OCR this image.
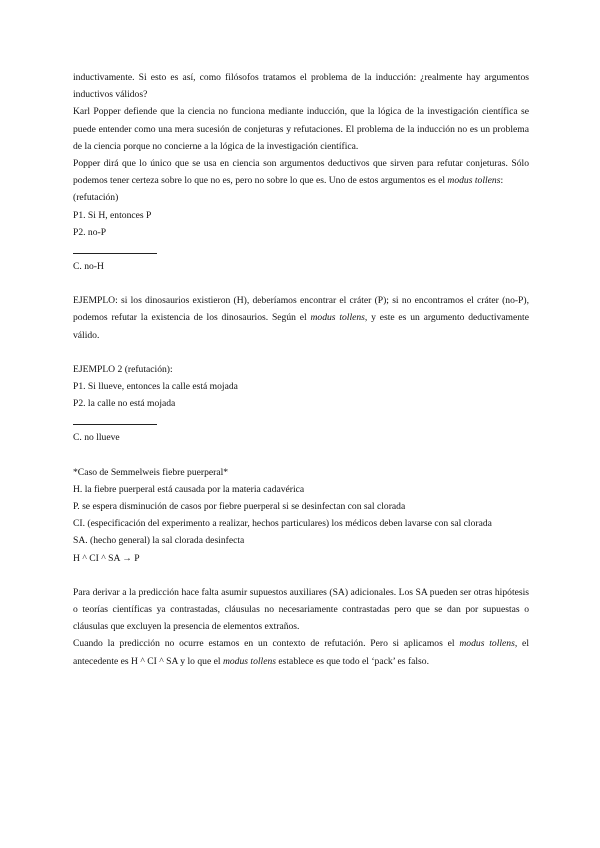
inductivamente. Si esto es así, como filósofos tratamos el problema de la inducción: ¿realmente hay argumentos inductivos válidos?

Karl Popper defiende que la ciencia no funciona mediante inducción, que la lógica de la investigación científica se puede entender como una mera sucesión de conjeturas y refutaciones. El problema de la inducción no es un problema de la ciencia porque no concierne a la lógica de la investigación científica.

Popper dirá que lo único que se usa en ciencia son argumentos deductivos que sirven para refutar conjeturas. Sólo podemos tener certeza sobre lo que no es, pero no sobre lo que es. Uno de estos argumentos es el modus tollens:

(refutación)

P1. Si H, entonces P

P2. no-P

C. no-H

EJEMPLO: si los dinosaurios existieron (H), deberíamos encontrar el cráter (P); si no encontramos el cráter (no-P), podemos refutar la existencia de los dinosaurios. Según el modus tollens, y este es un argumento deductivamente válido.

EJEMPLO 2 (refutación):

P1. Si llueve, entonces la calle está mojada

P2. la calle no está mojada

C. no llueve

*Caso de Semmelweis fiebre puerperal*

H. la fiebre puerperal está causada por la materia cadavérica

P. se espera disminución de casos por fiebre puerperal si se desinfectan con sal clorada

CI. (especificación del experimento a realizar, hechos particulares) los médicos deben lavarse con sal clorada

SA. (hecho general) la sal clorada desinfecta

H ^ CI ^ SA → P

Para derivar a la predicción hace falta asumir supuestos auxiliares (SA) adicionales. Los SA pueden ser otras hipótesis o teorías científicas ya contrastadas, cláusulas no necesariamente contrastadas pero que se dan por supuestas o cláusulas que excluyen la presencia de elementos extraños.

Cuando la predicción no ocurre estamos en un contexto de refutación. Pero si aplicamos el modus tollens, el antecedente es H ^ CI ^ SA y lo que el modus tollens establece es que todo el ‘pack’ es falso.
